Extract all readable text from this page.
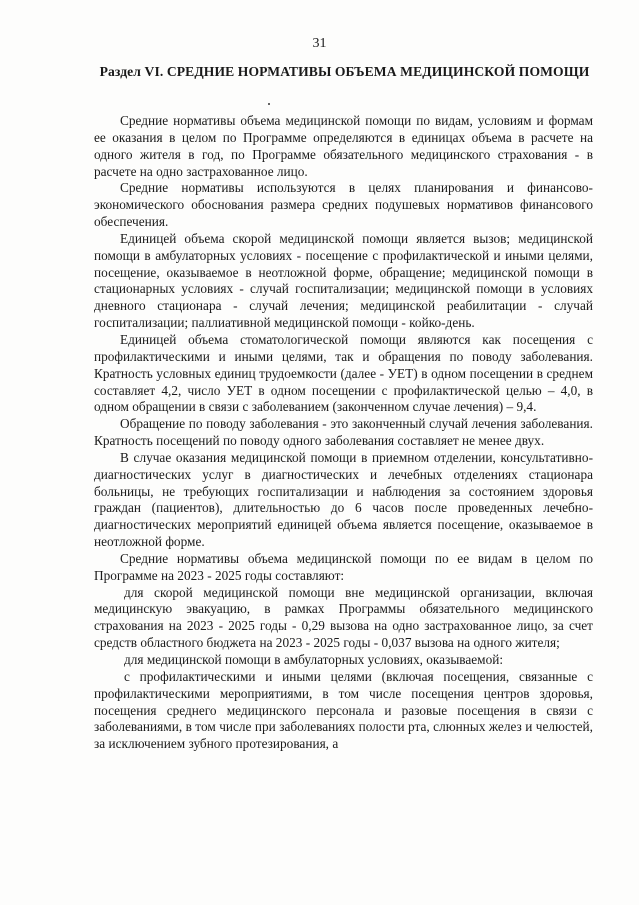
31
Раздел VI. СРЕДНИЕ НОРМАТИВЫ ОБЪЕМА МЕДИЦИНСКОЙ ПОМОЩИ

Средние нормативы объема медицинской помощи по видам, условиям и формам ее оказания в целом по Программе определяются в единицах объема в расчете на одного жителя в год, по Программе обязательного медицинского страхования - в расчете на одно застрахованное лицо.

Средние нормативы используются в целях планирования и финансово-экономического обоснования размера средних подушевых нормативов финансового обеспечения.

Единицей объема скорой медицинской помощи является вызов; медицинской помощи в амбулаторных условиях - посещение с профилактической и иными целями, посещение, оказываемое в неотложной форме, обращение; медицинской помощи в стационарных условиях - случай госпитализации; медицинской помощи в условиях дневного стационара - случай лечения; медицинской реабилитации - случай госпитализации; паллиативной медицинской помощи - койко-день.

Единицей объема стоматологической помощи являются как посещения с профилактическими и иными целями, так и обращения по поводу заболевания. Кратность условных единиц трудоемкости (далее - УЕТ) в одном посещении в среднем составляет 4,2, число УЕТ в одном посещении с профилактической целью – 4,0, в одном обращении в связи с заболеванием (законченном случае лечения) – 9,4.

Обращение по поводу заболевания - это законченный случай лечения заболевания. Кратность посещений по поводу одного заболевания составляет не менее двух.

В случае оказания медицинской помощи в приемном отделении, консультативно-диагностических услуг в диагностических и лечебных отделениях стационара больницы, не требующих госпитализации и наблюдения за состоянием здоровья граждан (пациентов), длительностью до 6 часов после проведенных лечебно-диагностических мероприятий единицей объема является посещение, оказываемое в неотложной форме.

Средние нормативы объема медицинской помощи по ее видам в целом по Программе на 2023 - 2025 годы составляют:

для скорой медицинской помощи вне медицинской организации, включая медицинскую эвакуацию, в рамках Программы обязательного медицинского страхования на 2023 - 2025 годы - 0,29 вызова на одно застрахованное лицо, за счет средств областного бюджета на 2023 - 2025 годы - 0,037 вызова на одного жителя;

для медицинской помощи в амбулаторных условиях, оказываемой:

с профилактическими и иными целями (включая посещения, связанные с профилактическими мероприятиями, в том числе посещения центров здоровья, посещения среднего медицинского персонала и разовые посещения в связи с заболеваниями, в том числе при заболеваниях полости рта, слюнных желез и челюстей, за исключением зубного протезирования, а
